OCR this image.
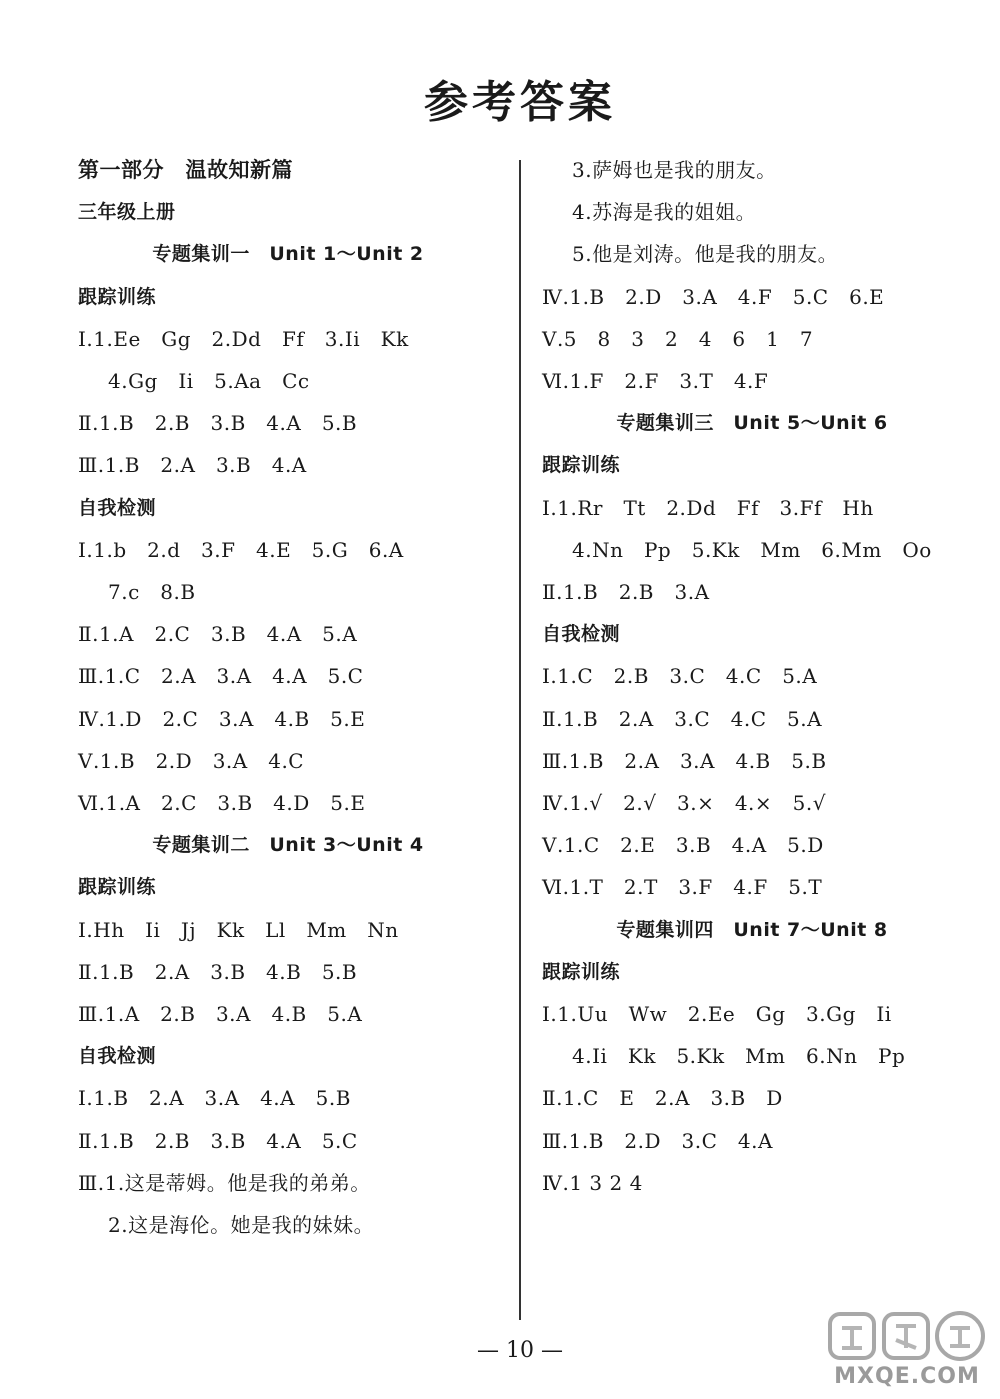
参考答案
第一部分　温故知新篇
三年级上册
专题集训一　Unit 1～Unit 2
跟踪训练
Ⅰ.1.Ee　Gg　2.Dd　Ff　3.Ii　Kk
4.Gg　Ii　5.Aa　Cc
Ⅱ.1.B　2.B　3.B　4.A　5.B
Ⅲ.1.B　2.A　3.B　4.A
自我检测
Ⅰ.1.b　2.d　3.F　4.E　5.G　6.A
7.c　8.B
Ⅱ.1.A　2.C　3.B　4.A　5.A
Ⅲ.1.C　2.A　3.A　4.A　5.C
Ⅳ.1.D　2.C　3.A　4.B　5.E
Ⅴ.1.B　2.D　3.A　4.C
Ⅵ.1.A　2.C　3.B　4.D　5.E
专题集训二　Unit 3～Unit 4
跟踪训练
Ⅰ.Hh　Ii　Jj　Kk　Ll　Mm　Nn
Ⅱ.1.B　2.A　3.B　4.B　5.B
Ⅲ.1.A　2.B　3.A　4.B　5.A
自我检测
Ⅰ.1.B　2.A　3.A　4.A　5.B
Ⅱ.1.B　2.B　3.B　4.A　5.C
Ⅲ.1.这是蒂姆。他是我的弟弟。
2.这是海伦。她是我的妹妹。
3.萨姆也是我的朋友。
4.苏海是我的姐姐。
5.他是刘涛。他是我的朋友。
Ⅳ.1.B　2.D　3.A　4.F　5.C　6.E
Ⅴ.5　8　3　2　4　6　1　7
Ⅵ.1.F　2.F　3.T　4.F
专题集训三　Unit 5～Unit 6
跟踪训练
Ⅰ.1.Rr　Tt　2.Dd　Ff　3.Ff　Hh
4.Nn　Pp　5.Kk　Mm　6.Mm　Oo
Ⅱ.1.B　2.B　3.A
自我检测
Ⅰ.1.C　2.B　3.C　4.C　5.A
Ⅱ.1.B　2.A　3.C　4.C　5.A
Ⅲ.1.B　2.A　3.A　4.B　5.B
Ⅳ.1.√　2.√　3.×　4.×　5.√
Ⅴ.1.C　2.E　3.B　4.A　5.D
Ⅵ.1.T　2.T　3.F　4.F　5.T
专题集训四　Unit 7～Unit 8
跟踪训练
Ⅰ.1.Uu　Ww　2.Ee　Gg　3.Gg　Ii
4.Ii　Kk　5.Kk　Mm　6.Nn　Pp
Ⅱ.1.C　E　2.A　3.B　D
Ⅲ.1.B　2.D　3.C　4.A
Ⅳ.1 3 2 4
— 10 —
MXQE.COM
